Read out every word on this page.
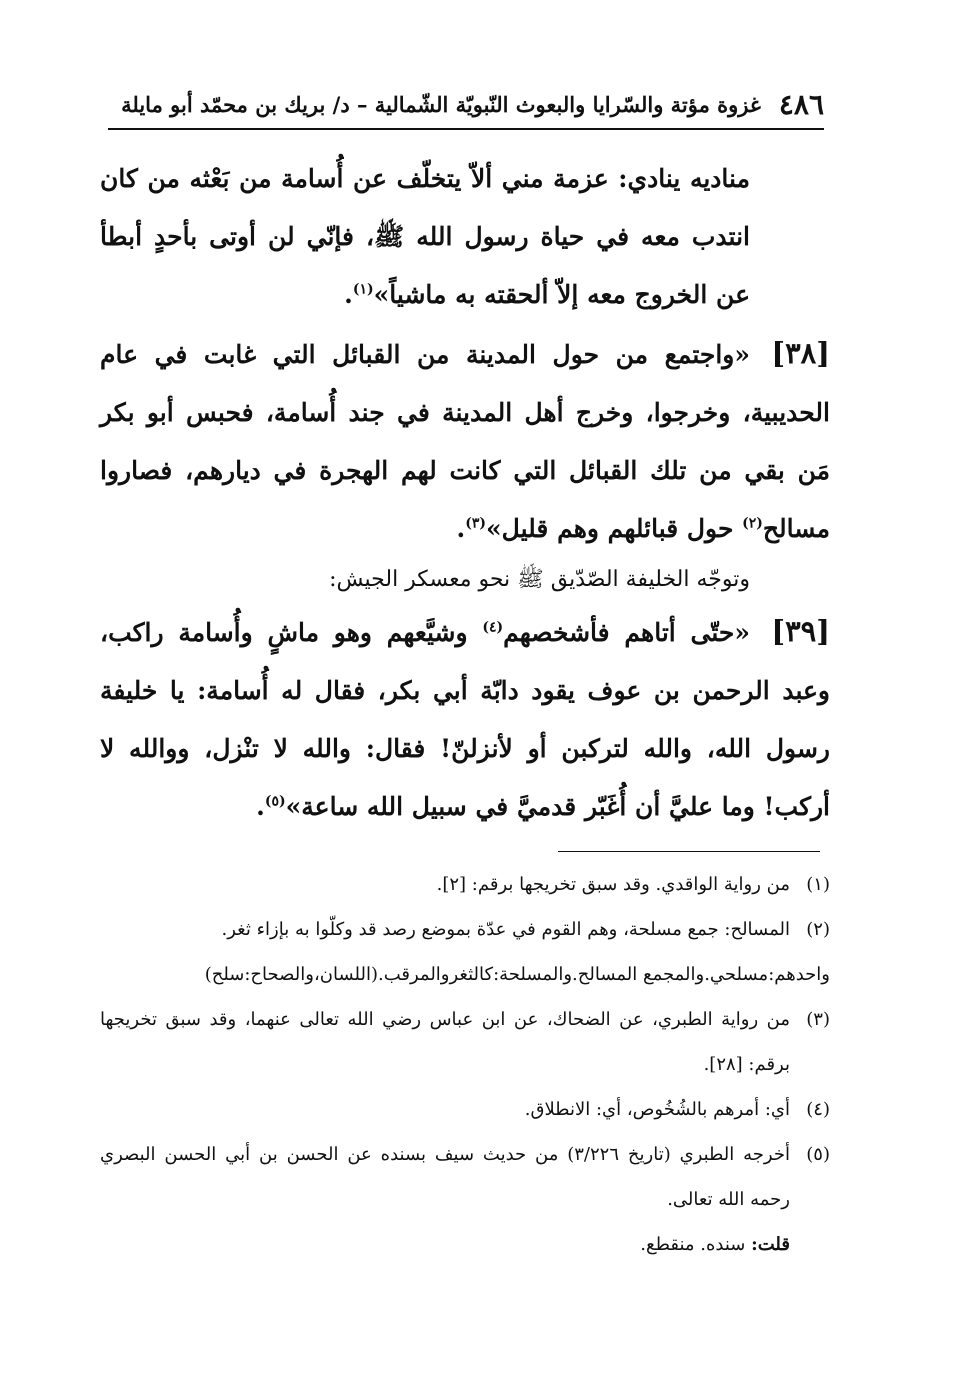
٤٨٦
غزوة مؤتة والسّرايا والبعوث النّبويّة الشّمالية – د/ بريك بن محمّد أبو مايلة

مناديه ينادي: عزمة مني ألاّ يتخلّف عن أُسامة من بَعْثه من كان انتدب معه في حياة رسول الله ﷺ، فإنّي لن أوتى بأحدٍ أبطأ عن الخروج معه إلاّ ألحقته به ماشياً»$^{(١)}$.

[٣٨]«واجتمع من حول المدينة من القبائل التي غابت في عام الحديبية، وخرجوا، وخرج أهل المدينة في جند أُسامة، فحبس أبو بكر مَن بقي من تلك القبائل التي كانت لهم الهجرة في ديارهم، فصاروا مسالح$^{(٢)}$ حول قبائلهم وهم قليل»$^{(٣)}$.

وتوجّه الخليفة الصّدّيق ﷺ نحو معسكر الجيش:

[٣٩]«حتّى أتاهم فأشخصهم$^{(٤)}$ وشيَّعهم وهو ماشٍ وأُسامة راكب، وعبد الرحمن بن عوف يقود دابّة أبي بكر، فقال له أُسامة: يا خليفة رسول الله، والله لتركبن أو لأنزلنّ! فقال: والله لا تنْزل، ووالله لا أركب! وما عليَّ أن أُغَبّر قدميَّ في سبيل الله ساعة»$^{(٥)}$.

(١)
من رواية الواقدي. وقد سبق تخريجها برقم: [٢].
(٢)
المسالح: جمع مسلحة، وهم القوم في عدّة بموضع رصد قد وكلّوا به بإزاء ثغر.

واحدهم:مسلحي.والمجمع المسالح.والمسلحة:كالثغروالمرقب.(اللسان،والصحاح:سلح)

(٣)
من رواية الطبري، عن الضحاك، عن ابن عباس رضي الله تعالى عنهما، وقد سبق تخريجها برقم: [٢٨].
(٤)
أي: أمرهم بالشُخُوص، أي: الانطلاق.
(٥)
أخرجه الطبري (تاريخ ٣/٢٢٦) من حديث سيف بسنده عن الحسن بن أبي الحسن البصري رحمه الله تعالى.

قلت: سنده. منقطع.
